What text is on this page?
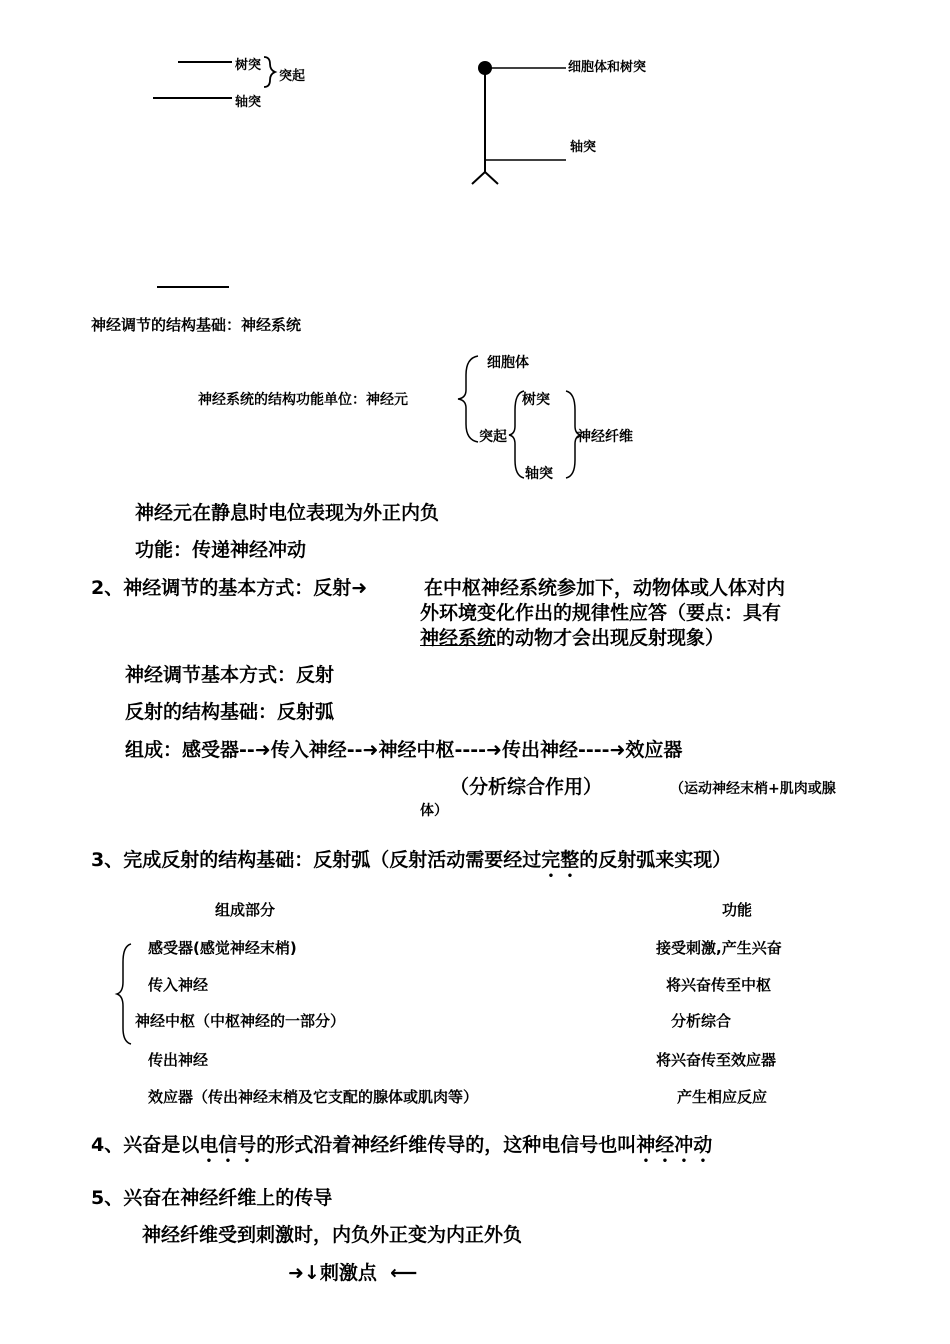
树突
突起
轴突
细胞体和树突
轴突
神经调节的结构基础：神经系统
细胞体
神经系统的结构功能单位：神经元	树突
突起	神经纤维
轴突
神经元在静息时电位表现为外正内负
功能：传递神经冲动
2、神经调节的基本方式：反射➜	在中枢神经系统参加下，动物体或人体对内
外环境变化作出的规律性应答（要点：具有
神经系统的动物才会出现反射现象）
神经调节基本方式：反射
反射的结构基础：反射弧
组成：感受器--➜传入神经--➜神经中枢----➜传出神经----➜效应器
（分析综合作用）	（运动神经末梢+肌肉或腺
体）
3、完成反射的结构基础：反射弧（反射活动需要经过完整的反射弧来实现）
组成部分	功能
感受器(感觉神经末梢)	接受刺激,产生兴奋
传入神经	将兴奋传至中枢
神经中枢（中枢神经的一部分）	分析综合
传出神经	将兴奋传至效应器
效应器（传出神经末梢及它支配的腺体或肌肉等）	产生相应反应
4、兴奋是以电信号的形式沿着神经纤维传导的，这种电信号也叫神经冲动
5、兴奋在神经纤维上的传导
神经纤维受到刺激时，内负外正变为内正外负
➜↓刺激点  ⟵
